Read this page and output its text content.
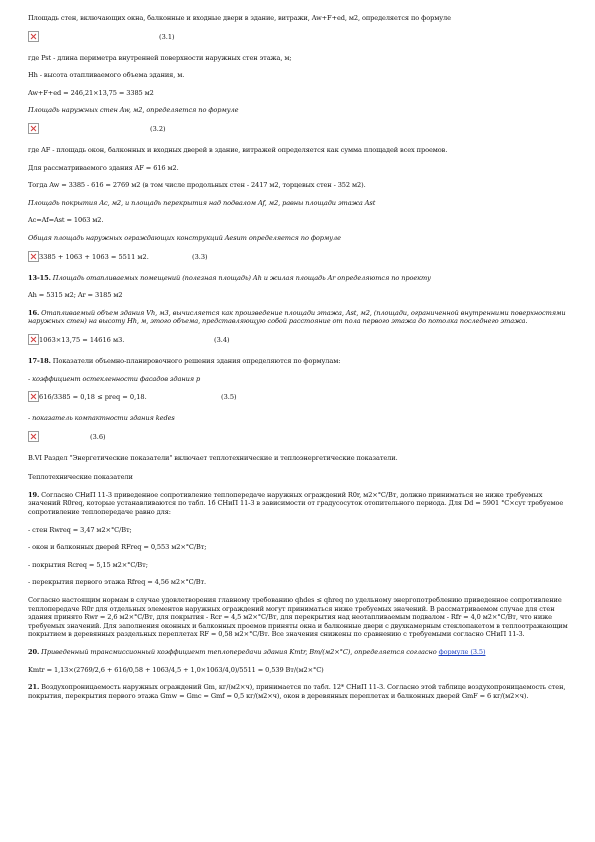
Площадь стен, включающих окна, балконные и входные двери в здание, витражи, Aw+F+ed, м2, определяется по формуле

(3.1)

где Pst - длина периметра внутренней поверхности наружных стен этажа, м;

Hh - высота отапливаемого объема здания, м.

Aw+F+ed = 246,21×13,75 = 3385 м2

Площадь наружных стен Aw, м2, определяется по формуле

(3.2)

где AF - площадь окон, балконных и входных дверей в здание, витражей определяется как сумма площадей всех проемов.

Для рассматриваемого здания AF = 616 м2.

Тогда Aw = 3385 - 616 = 2769 м2 (в том числе продольных стен - 2417 м2, торцевых стен - 352 м2).

Площадь покрытия Ac, м2, и площадь перекрытия над подвалом Af, м2, равны площади этажа Ast

Ac=Af=Ast = 1063 м2.

Общая площадь наружных ограждающих конструкций Aesum определяется по формуле

3385 + 1063 + 1063 = 5511 м2.	(3.3)

13-15. Площадь отапливаемых помещений (полезная площадь) Ah и жилая площадь Ar определяются по проекту

Ah = 5315 м2; Ar = 3185 м2

16. Отапливаемый объем здания Vh, м3, вычисляется как произведение площади этажа, Ast, м2, (площади, ограниченной внутренними поверхностями наружных стен) на высоту Hh, м, этого объема, представляющую собой расстояние от пола первого этажа до потолка последнего этажа.

1063×13,75 = 14616 м3.	(3.4)

17-18. Показатели объемно-планировочного решения здания определяются по формулам:

- коэффициент остекленности фасадов здания p

616/3385 = 0,18 ≤ preq = 0,18.	(3.5)

- показатель компактности здания kedes

(3.6)

В.VI Раздел "Энергетические показатели" включает теплотехнические и теплоэнергетические показатели.

Теплотехнические показатели

19. Согласно СНиП 11-3 приведенное сопротивление теплопередаче наружных ограждений R0r, м2×°С/Вт, должно приниматься не ниже требуемых значений R0req, которые устанавливаются по табл. 1б СНиП 11-3 в зависимости от градусосуток отопительного периода. Для Dd = 5901 °С×сут требуемое сопротивление теплопередаче равно для:

- стен Rwreq = 3,47 м2×°С/Вт;

- окон и балконных дверей RFreq = 0,553 м2×°С/Вт;

- покрытия Rcreq = 5,15 м2×°С/Вт;

- перекрытия первого этажа Rfreq = 4,56 м2×°С/Вт.

Согласно настоящим нормам в случае удовлетворения главному требованию qhdes ≤ qhreq по удельному энергопотреблению приведенное сопротивление теплопередаче R0r для отдельных элементов наружных ограждений могут приниматься ниже требуемых значений. В рассматриваемом случае для стен здания принято Rwr = 2,6 м2×°С/Вт, для покрытия - Rcr = 4,5 м2×°С/Вт, для перекрытия над неотапливаемым подвалом - Rfr = 4,0 м2×°С/Вт, что ниже требуемых значений. Для заполнения оконных и балконных проемов приняты окна и балконные двери с двухкамерным стеклопакетом в теплоотражающим покрытием в деревянных раздельных переплетах RF = 0,58 м2×°С/Вт. Все значения снижены по сравнению с требуемыми согласно СНиП 11-3.

20. Приведенный трансмиссионный коэффициент теплопередачи здания Kmtr, Вт/(м2×°С), определяется согласно формуле (3.5)

Kmtr = 1,13×(2769/2,6 + 616/0,58 + 1063/4,5 + 1,0×1063/4,0)/5511 = 0,539 Вт/(м2×°С)

21. Воздухопроницаемость наружных ограждений Gm, кг/(м2×ч), принимается по табл. 12* СНиП 11-3. Согласно этой таблице воздухопроницаемость стен, покрытия, перекрытия первого этажа Gmw = Gmc = Gmf = 0,5 кг/(м2×ч), окон в деревянных переплетах и балконных дверей GmF = 6 кг/(м2×ч).
